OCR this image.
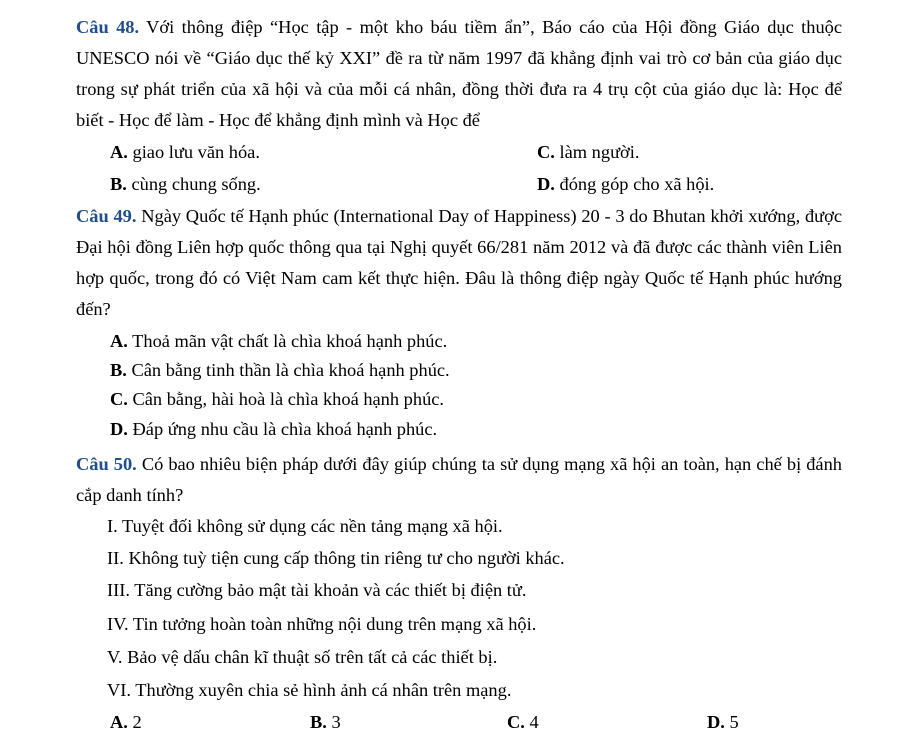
Câu 48. Với thông điệp “Học tập - một kho báu tiềm ẩn”, Báo cáo của Hội đồng Giáo dục thuộc UNESCO nói về “Giáo dục thế kỷ XXI” đề ra từ năm 1997 đã khẳng định vai trò cơ bản của giáo dục trong sự phát triển của xã hội và của mỗi cá nhân, đồng thời đưa ra 4 trụ cột của giáo dục là: Học để biết - Học để làm - Học để khẳng định mình và Học để
A. giao lưu văn hóa.	C. làm người.
B. cùng chung sống.	D. đóng góp cho xã hội.
Câu 49. Ngày Quốc tế Hạnh phúc (International Day of Happiness) 20 - 3 do Bhutan khởi xướng, được Đại hội đồng Liên hợp quốc thông qua tại Nghị quyết 66/281 năm 2012 và đã được các thành viên Liên hợp quốc, trong đó có Việt Nam cam kết thực hiện. Đâu là thông điệp ngày Quốc tế Hạnh phúc hướng đến?
A. Thoả mãn vật chất là chìa khoá hạnh phúc.
B. Cân bằng tinh thần là chìa khoá hạnh phúc.
C. Cân bằng, hài hoà là chìa khoá hạnh phúc.
D. Đáp ứng nhu cầu là chìa khoá hạnh phúc.
Câu 50. Có bao nhiêu biện pháp dưới đây giúp chúng ta sử dụng mạng xã hội an toàn, hạn chế bị đánh cắp danh tính?
I. Tuyệt đối không sử dụng các nền tảng mạng xã hội.
II. Không tuỳ tiện cung cấp thông tin riêng tư cho người khác.
III. Tăng cường bảo mật tài khoản và các thiết bị điện tử.
IV. Tin tưởng hoàn toàn những nội dung trên mạng xã hội.
V. Bảo vệ dấu chân kĩ thuật số trên tất cả các thiết bị.
VI. Thường xuyên chia sẻ hình ảnh cá nhân trên mạng.
A. 2	B. 3	C. 4	D. 5
